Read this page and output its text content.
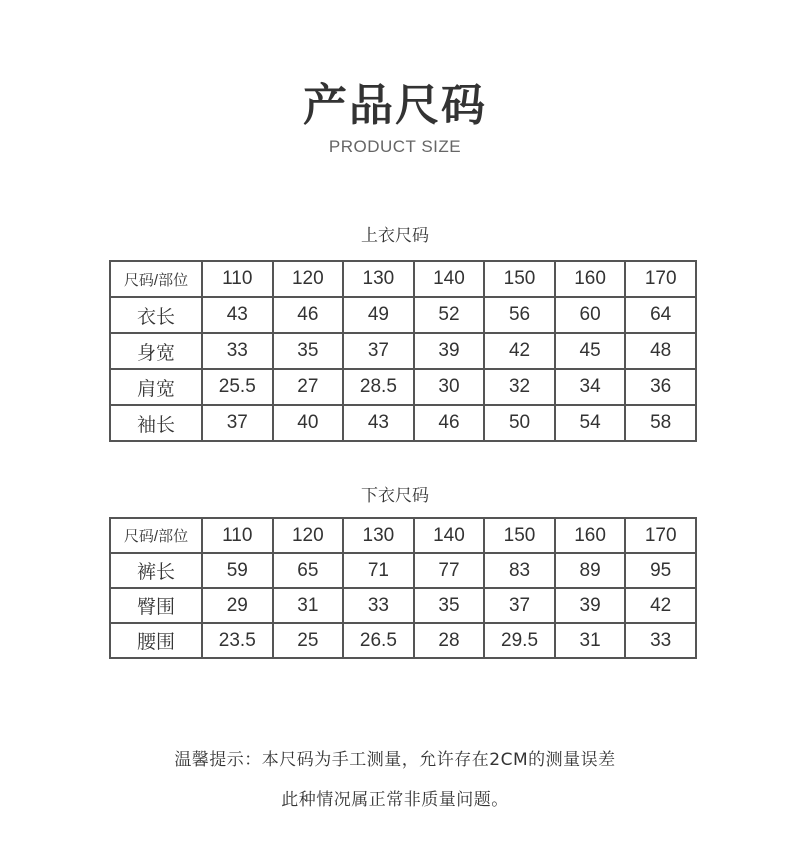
产品尺码
PRODUCT SIZE
上衣尺码
尺码/部位	110	120	130	140	150	160	170
衣长	43	46	49	52	56	60	64
身宽	33	35	37	39	42	45	48
肩宽	25.5	27	28.5	30	32	34	36
袖长	37	40	43	46	50	54	58
下衣尺码
尺码/部位	110	120	130	140	150	160	170
裤长	59	65	71	77	83	89	95
臀围	29	31	33	35	37	39	42
腰围	23.5	25	26.5	28	29.5	31	33
温馨提示：本尺码为手工测量，允许存在2CM的测量误差
此种情况属正常非质量问题。
